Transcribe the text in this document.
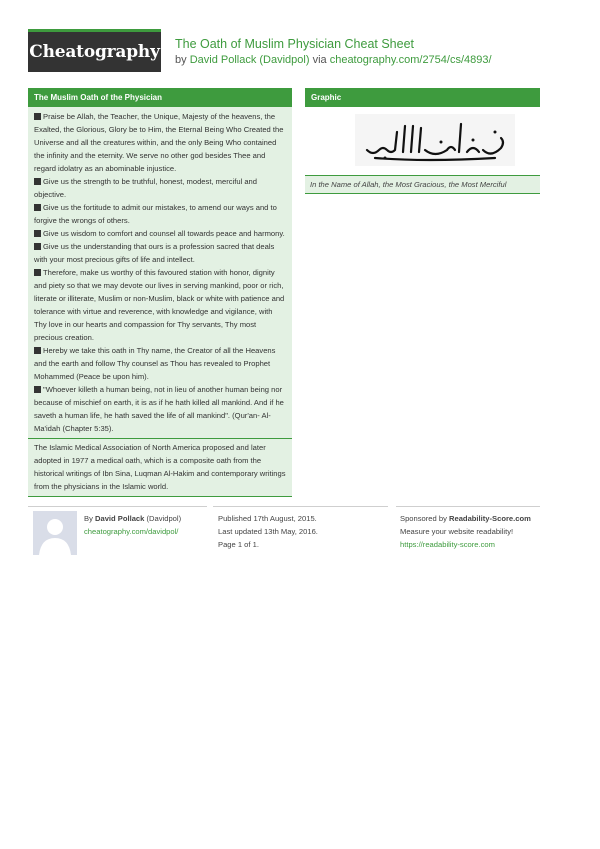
Cheatography The Oath of Muslim Physician Cheat Sheet
by David Pollack (Davidpol) via cheatography.com/2754/cs/4893/
The Muslim Oath of the Physician
Praise be Allah, the Teacher, the Unique, Majesty of the heavens, the Exalted, the Glorious, Glory be to Him, the Eternal Being Who Created the Universe and all the creatures within, and the only Being Who contained the infinity and the eternity. We serve no other god besides Thee and regard idolatry as an abominable injustice.
Give us the strength to be truthful, honest, modest, merciful and objective.
Give us the fortitude to admit our mistakes, to amend our ways and to forgive the wrongs of others.
Give us wisdom to comfort and counsel all towards peace and harmony.
Give us the understanding that ours is a profession sacred that deals with your most precious gifts of life and intellect.
Therefore, make us worthy of this favoured station with honor, dignity and piety so that we may devote our lives in serving mankind, poor or rich, literate or illiterate, Muslim or non-Muslim, black or white with patience and tolerance with virtue and reverence, with knowledge and vigilance, with Thy love in our hearts and compassion for Thy servants, Thy most precious creation.
Hereby we take this oath in Thy name, the Creator of all the Heavens and the earth and follow Thy counsel as Thou has revealed to Prophet Mohammed (Peace be upon him).
"Whoever killeth a human being, not in lieu of another human being nor because of mischief on earth, it is as if he hath killed all mankind. And if he saveth a human life, he hath saved the life of all mankind". (Qur'an- Al-Ma'idah (Chapter 5:35).
The Islamic Medical Association of North America proposed and later adopted in 1977 a medical oath, which is a composite oath from the historical writings of Ibn Sina, Luqman Al-Hakim and contemporary writings from the physicians in the Islamic world.
Graphic
In the Name of Allah, the Most Gracious, the Most Merciful
By David Pollack (Davidpol)
cheatography.com/davidpol/
Published 17th August, 2015.
Last updated 13th May, 2016.
Page 1 of 1.
Sponsored by Readability-Score.com
Measure your website readability!
https://readability-score.com
